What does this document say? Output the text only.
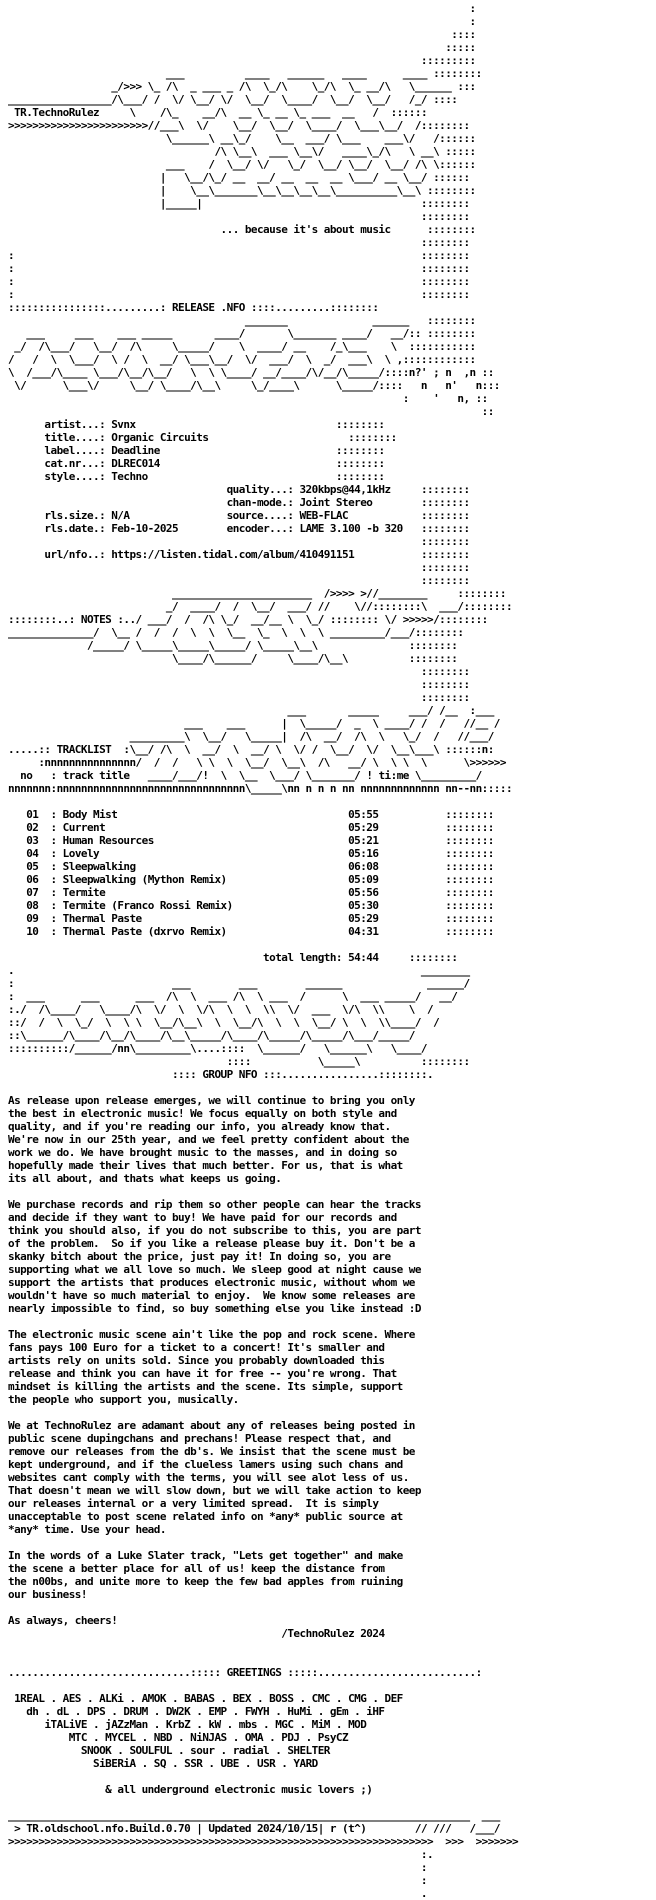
:
:
::::
:::::
:::::::::
___          ____   ______   ____      ____ ::::::::
_/>>> \_ /\  _ ___ _ /\  \_/\    \_/\  \_ __/\   \______ :::
_________________/\___/ /  \/ \__/ \/  \__/  \____/  \__/  \__/   /_/ ::::
TR.TechnoRulez     \    /\_    __/\  __ \_ __ \_ ___  __   /  ::::::
>>>>>>>>>>>>>>>>>>>>>>>//___\  \/    \__/  \__/  \____/  \___\__/  /::::::::
\______\ __\_/    \__  ___/ \___    ___\/   /::::::
/\ \__\  ___ \__\/   ____\_/\   \ __\ :::::
___    /  \__/ \/   \_/  \__/ \__/  \__/ /\ \::::::
|   \__/\_/ __  __/ __  __  __ \___/ __ \__/ ::::::
|    \__\_______\__\__\__\__\__________\__\ ::::::::
|_____|                                    ::::::::
::::::::
... because it's about music      ::::::::
::::::::
:                                                                   ::::::::
:                                                                   ::::::::
:                                                                   ::::::::
:                                                                   ::::::::
::::::::::::::::.........: RELEASE .NFO ::::.........::::::::
_______              ______   ::::::::
___     ___    ___ _____       ____/       \_______ ____/   __/:: ::::::::
_/  /\___/   \__/  /\     \_____/    \  ____/ __    /_\___    \  :::::::::::
/   /  \  \___/  \ /  \  __/ \___\__/  \/  ___/  \  _/  ___\  \ ,::::::::::::
\  /___/\____ \___/\__/\__/   \  \ \____/ __/____/\/__/\_____/::::n?' ; n  ,n ::
\/      \___\/     \__/ \____/\__\     \_/____\      \_____/::::   n   n'   n:::
:    '   n, ::
::
artist...: Svnx                                 ::::::::
title....: Organic Circuits                       ::::::::
label....: Deadline                             ::::::::
cat.nr...: DLREC014                             ::::::::
style....: Techno                               ::::::::
quality...: 320kbps@44,1kHz     ::::::::
chan-mode.: Joint Stereo        ::::::::
rls.size.: N/A                source....: WEB-FLAC            ::::::::
rls.date.: Feb-10-2025        encoder...: LAME 3.100 -b 320   ::::::::
::::::::
url/nfo..: https://listen.tidal.com/album/410491151           ::::::::
::::::::
::::::::
_______________________  />>>> >//________     ::::::::
_/  ____/  /  \__/  ___/ //    \//::::::::\  ___/::::::::
::::::::..: NOTES :../ ___/  /  /\ \_/  __/__ \  \_/ :::::::: \/ >>>>>/::::::::
______________/  \__ /  /  /  \  \  \__  \_  \  \  \ _________/___/::::::::
/_____/ \_____\_____\_____/ \_____\__\               ::::::::
\____/\______/     \____/\__\          ::::::::
::::::::
::::::::
::::::::
___       _____     ___/ /__  :___
___    ___      |  \_____/  _  \ ____/ /  /   //__ /
_________\  \__/   \_____|  /\  __/  /\  \   \_/  /   //___/
.....:: TRACKLIST  :\__/ /\  \  __/  \  __/ \  \/ /  \__/  \/  \__\___\ ::::::n:
:nnnnnnnnnnnnnnn/  /  /   \ \  \  \__/  \__\  /\   __/ \  \ \  \      \>>>>>>
no   : track title   ____/___/!  \  \__  \___/ \_______/ ! ti:me \_________/
nnnnnnn:nnnnnnnnnnnnnnnnnnnnnnnnnnnnnnn\_____\nn n n n nn nnnnnnnnnnnnn nn--nn:::::

01  : Body Mist	05:55           ::::::::
02  : Current	05:29           ::::::::
03  : Human Resources	05:21           ::::::::
04  : Lovely	05:16           ::::::::
05  : Sleepwalking	06:08           ::::::::
06  : Sleepwalking (Mython Remix)	05:09           ::::::::
07  : Termite	05:56           ::::::::
08  : Termite (Franco Rossi Remix)	05:30           ::::::::
09  : Thermal Paste	05:29           ::::::::
10  : Thermal Paste (dxrvo Remix)	04:31           ::::::::

total length: 54:44     ::::::::
.                                                                   ________
:                          ___        ___        ______              ______/
:  ___      ___      ___  /\  \  ___ /\  \ ___  /      \  ___ _____/   __/
:./  /\____/   \____/\  \/  \  \/\  \  \  \\  \/  ___  \/\  \\    \  /
::/  /  \  \_/  \  \ \  \__/\__\  \  \__/\  \  \  \__/ \  \  \\____/  /
::\______/\____/\__/\____/\__\_____/\____/\_____/\_____/\___/_____/
::::::::::/______/nn\_________\....::::  \______/   \______\   \____/
::::           \_____\          ::::::::
:::: GROUP NFO :::................::::::::.

As release upon release emerges, we will continue to bring you only
the best in electronic music! We focus equally on both style and
quality, and if you're reading our info, you already know that.
We're now in our 25th year, and we feel pretty confident about the
work we do. We have brought music to the masses, and in doing so
hopefully made their lives that much better. For us, that is what
its all about, and thats what keeps us going.

We purchase records and rip them so other people can hear the tracks
and decide if they want to buy! We have paid for our records and
think you should also, if you do not subscribe to this, you are part
of the problem.  So if you like a release please buy it. Don't be a
skanky bitch about the price, just pay it! In doing so, you are
supporting what we all love so much. We sleep good at night cause we
support the artists that produces electronic music, without whom we
wouldn't have so much material to enjoy.  We know some releases are
nearly impossible to find, so buy something else you like instead :D

The electronic music scene ain't like the pop and rock scene. Where
fans pays 100 Euro for a ticket to a concert! It's smaller and
artists rely on units sold. Since you probably downloaded this
release and think you can have it for free -- you're wrong. That
mindset is killing the artists and the scene. Its simple, support
the people who support you, musically.

We at TechnoRulez are adamant about any of releases being posted in
public scene dupingchans and prechans! Please respect that, and
remove our releases from the db's. We insist that the scene must be
kept underground, and if the clueless lamers using such chans and
websites cant comply with the terms, you will see alot less of us.
That doesn't mean we will slow down, but we will take action to keep
our releases internal or a very limited spread.  It is simply
unacceptable to post scene related info on *any* public source at
*any* time. Use your head.

In the words of a Luke Slater track, "Lets get together" and make
the scene a better place for all of us! keep the distance from
the n00bs, and unite more to keep the few bad apples from ruining
our business!

As always, cheers!
/TechnoRulez 2024

..............................::::: GREETINGS :::::..........................:

1REAL . AES . ALKi . AMOK . BABAS . BEX . BOSS . CMC . CMG . DEF
dh . dL . DPS . DRUM . DW2K . EMP . FWYH . HuMi . gEm . iHF
iTALiVE . jAZzMan . KrbZ . kW . mbs . MGC . MiM . MOD
MTC . MYCEL . NBD . NiNJAS . OMA . PDJ . PsyCZ
SNOOK . SOULFUL . sour . radial . SHELTER
SiBERiA . SQ . SSR . UBE . USR . YARD

& all underground electronic music lovers ;)

____________________________________________________________________________  ___
> TR.oldschool.nfo.Build.0.70 | Updated 2024/10/15| r (t^)        // ///   /___/
>>>>>>>>>>>>>>>>>>>>>>>>>>>>>>>>>>>>>>>>>>>>>>>>>>>>>>>>>>>>>>>>>>>>>>  >>>  >>>>>>>
:.
:
:
.
